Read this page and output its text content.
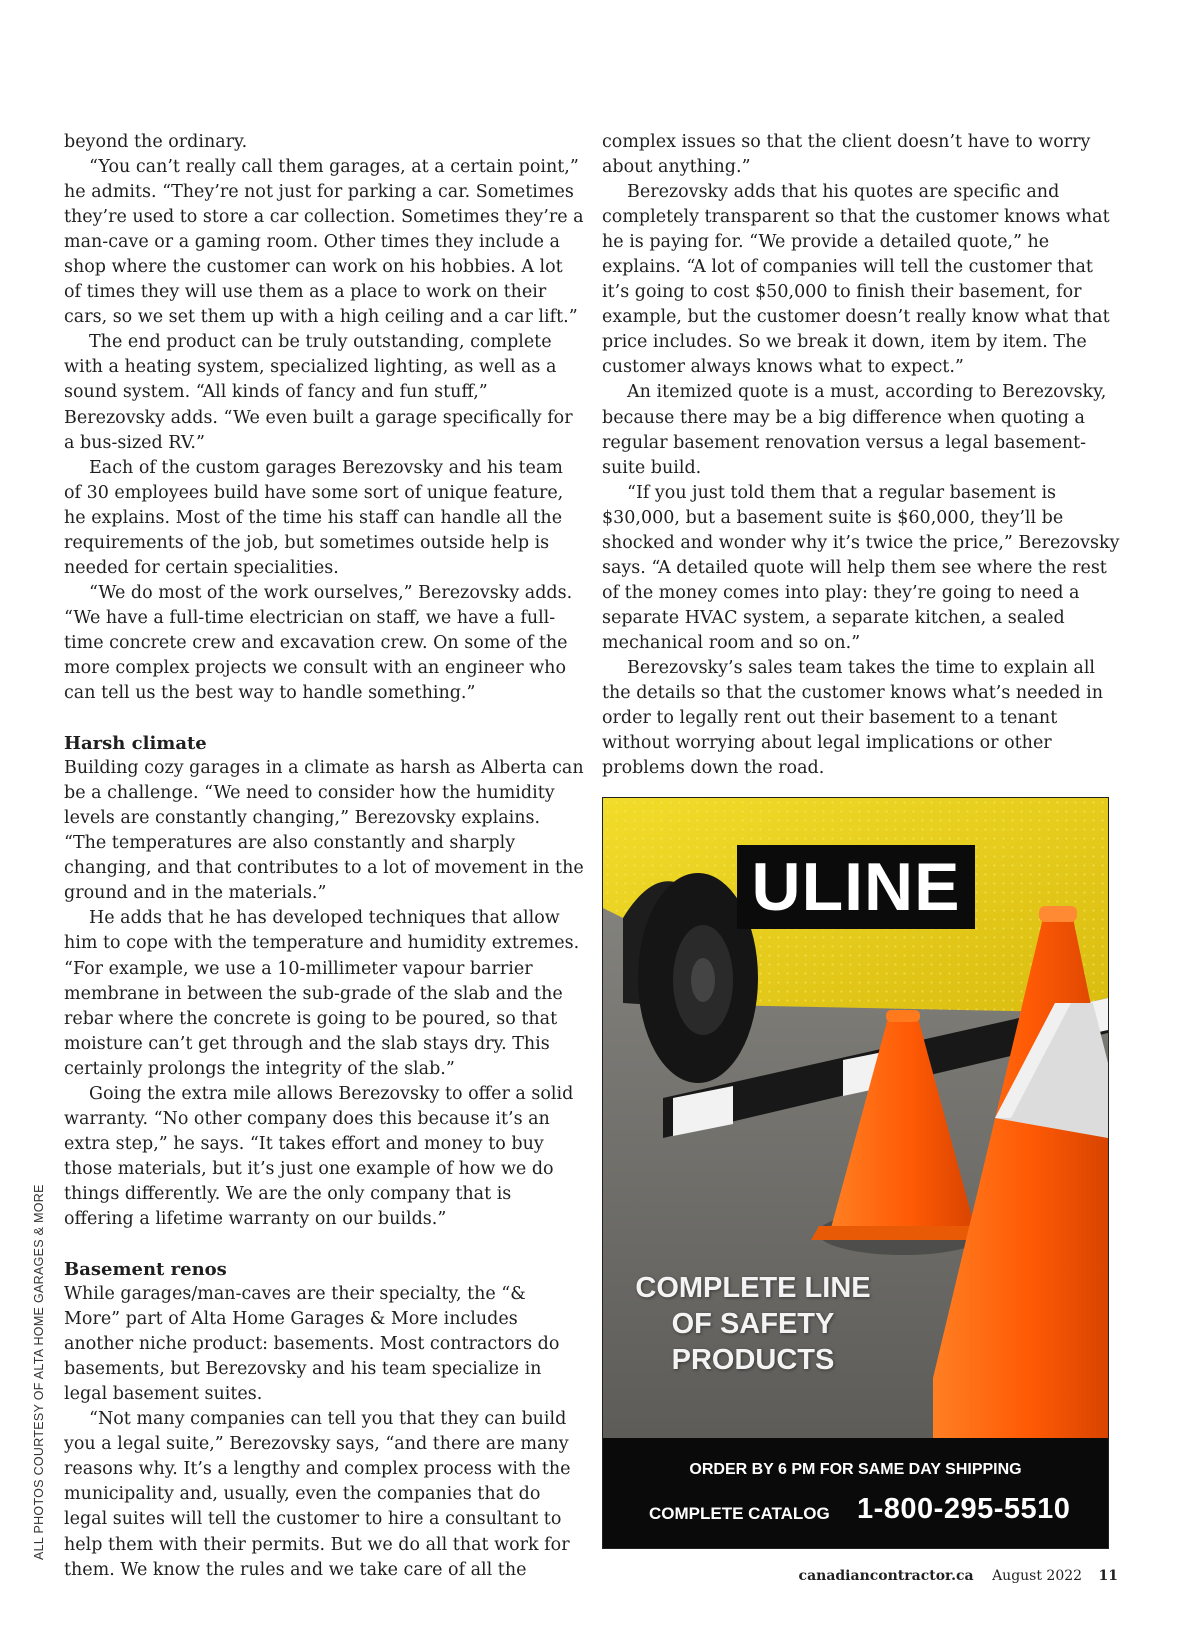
beyond the ordinary.

“You can’t really call them garages, at a certain point,” he admits. “They’re not just for parking a car. Sometimes they’re used to store a car collection. Sometimes they’re a man-cave or a gaming room. Other times they include a shop where the customer can work on his hobbies. A lot of times they will use them as a place to work on their cars, so we set them up with a high ceiling and a car lift.”

The end product can be truly outstanding, complete with a heating system, specialized lighting, as well as a sound system. “All kinds of fancy and fun stuff,” Berezovsky adds. “We even built a garage specifically for a bus-sized RV.”

Each of the custom garages Berezovsky and his team of 30 employees build have some sort of unique feature, he explains. Most of the time his staff can handle all the requirements of the job, but sometimes outside help is needed for certain specialities.

“We do most of the work ourselves,” Berezovsky adds. “We have a full-time electrician on staff, we have a full-time concrete crew and excavation crew. On some of the more complex projects we consult with an engineer who can tell us the best way to handle something.”

Harsh climate

Building cozy garages in a climate as harsh as Alberta can be a challenge. “We need to consider how the humidity levels are constantly changing,” Berezovsky explains. “The temperatures are also constantly and sharply changing, and that contributes to a lot of movement in the ground and in the materials.”

He adds that he has developed techniques that allow him to cope with the temperature and humidity extremes. “For example, we use a 10-millimeter vapour barrier membrane in between the sub-grade of the slab and the rebar where the concrete is going to be poured, so that moisture can’t get through and the slab stays dry. This certainly prolongs the integrity of the slab.”

Going the extra mile allows Berezovsky to offer a solid warranty. “No other company does this because it’s an extra step,” he says. “It takes effort and money to buy those materials, but it’s just one example of how we do things differently. We are the only company that is offering a lifetime warranty on our builds.”

Basement renos

While garages/man-caves are their specialty, the “& More” part of Alta Home Garages & More includes another niche product: basements. Most contractors do basements, but Berezovsky and his team specialize in legal basement suites.

“Not many companies can tell you that they can build you a legal suite,” Berezovsky says, “and there are many reasons why. It’s a lengthy and complex process with the municipality and, usually, even the companies that do legal suites will tell the customer to hire a consultant to help them with their permits. But we do all that work for them. We know the rules and we take care of all the

complex issues so that the client doesn’t have to worry about anything.”

Berezovsky adds that his quotes are specific and completely transparent so that the customer knows what he is paying for. “We provide a detailed quote,” he explains. “A lot of companies will tell the customer that it’s going to cost $50,000 to finish their basement, for example, but the customer doesn’t really know what that price includes. So we break it down, item by item. The customer always knows what to expect.”

An itemized quote is a must, according to Berezovsky, because there may be a big difference when quoting a regular basement renovation versus a legal basement-suite build.

“If you just told them that a regular basement is $30,000, but a basement suite is $60,000, they’ll be shocked and wonder why it’s twice the price,” Berezovsky says. “A detailed quote will help them see where the rest of the money comes into play: they’re going to need a separate HVAC system, a separate kitchen, a sealed mechanical room and so on.”

Berezovsky’s sales team takes the time to explain all the details so that the customer knows what’s needed in order to legally rent out their basement to a tenant without worrying about legal implications or other problems down the road.

ALL PHOTOS COURTESY OF ALTA HOME GARAGES & MORE
ULINE
COMPLETE LINE
OF SAFETY
PRODUCTS
ORDER BY 6 PM FOR SAME DAY SHIPPING
COMPLETE CATALOG 1-800-295-5510
canadiancontractor.ca August 2022 11
